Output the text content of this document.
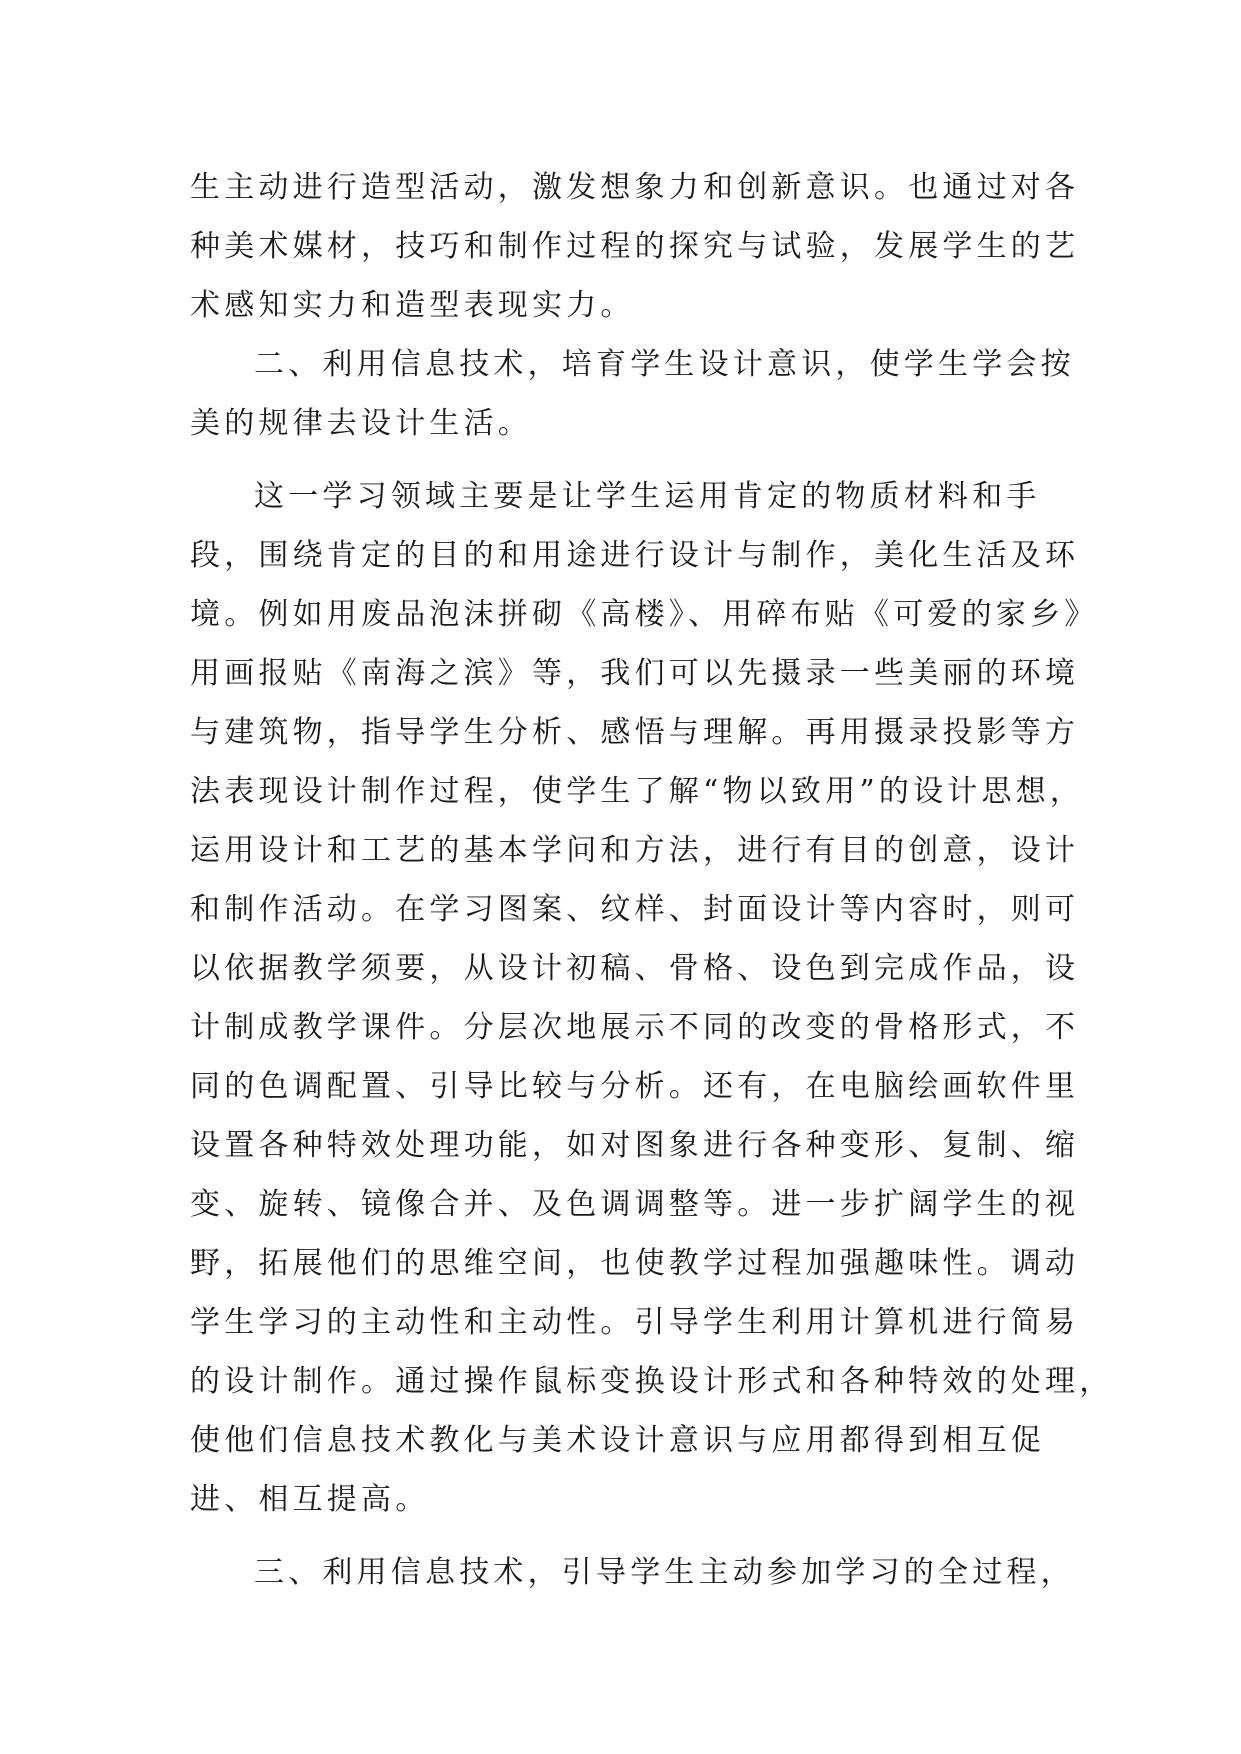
生主动进行造型活动，激发想象力和创新意识。也通过对各
种美术媒材，技巧和制作过程的探究与试验，发展学生的艺
术感知实力和造型表现实力。
二、利用信息技术，培育学生设计意识，使学生学会按
美的规律去设计生活。
这一学习领域主要是让学生运用肯定的物质材料和手
段，围绕肯定的目的和用途进行设计与制作，美化生活及环
境。例如用废品泡沫拼砌《高楼》、用碎布贴《可爱的家乡》
用画报贴《南海之滨》等，我们可以先摄录一些美丽的环境
与建筑物，指导学生分析、感悟与理解。再用摄录投影等方
法表现设计制作过程，使学生了解“物以致用”的设计思想，
运用设计和工艺的基本学问和方法，进行有目的创意，设计
和制作活动。在学习图案、纹样、封面设计等内容时，则可
以依据教学须要，从设计初稿、骨格、设色到完成作品，设
计制成教学课件。分层次地展示不同的改变的骨格形式，不
同的色调配置、引导比较与分析。还有，在电脑绘画软件里
设置各种特效处理功能，如对图象进行各种变形、复制、缩
变、旋转、镜像合并、及色调调整等。进一步扩阔学生的视
野，拓展他们的思维空间，也使教学过程加强趣味性。调动
学生学习的主动性和主动性。引导学生利用计算机进行简易
的设计制作。通过操作鼠标变换设计形式和各种特效的处理，
使他们信息技术教化与美术设计意识与应用都得到相互促
进、相互提高。
三、利用信息技术，引导学生主动参加学习的全过程，
